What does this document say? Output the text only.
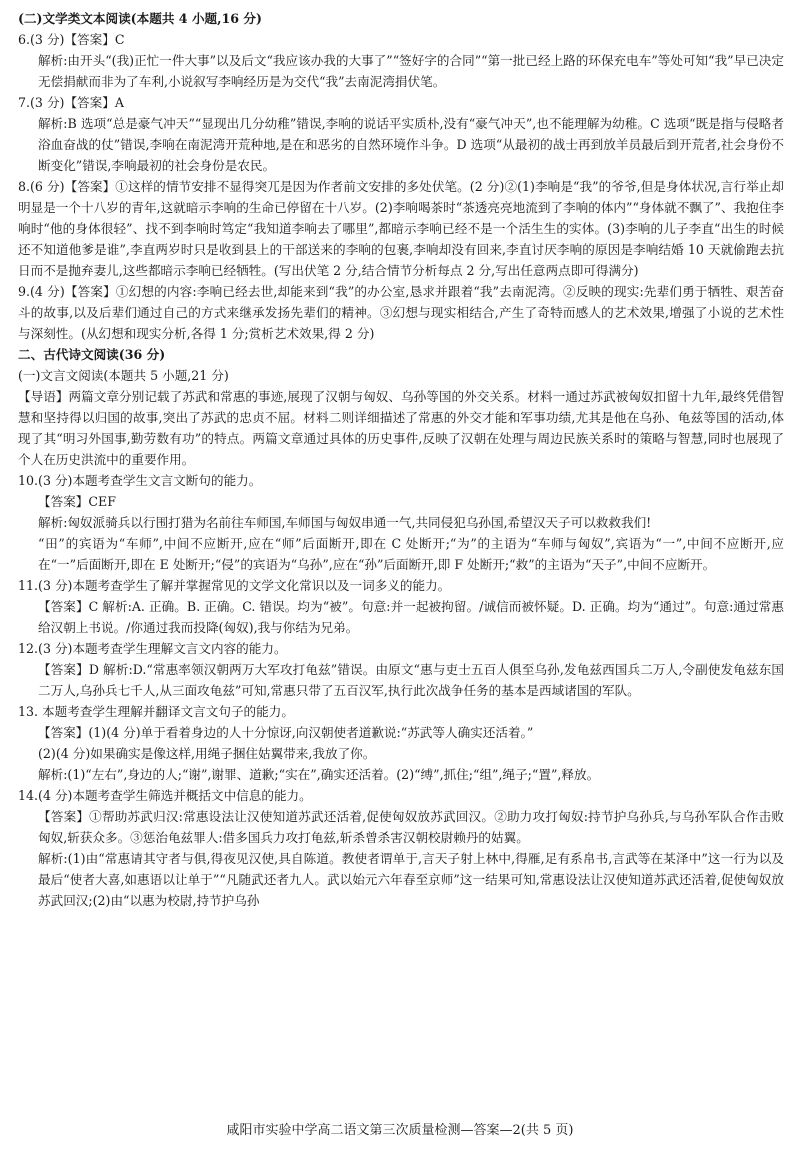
(二)文学类文本阅读(本题共 4 小题,16 分)

6.(3 分)【答案】C

解析:由开头“(我)正忙一件大事”以及后文“我应该办我的大事了”“签好字的合同”“第一批已经上路的环保充电车”等处可知“我”早已决定无偿捐献而非为了车利,小说叙写李响经历是为交代“我”去南泥湾捐伏笔。

7.(3 分)【答案】A

解析:B 选项“总是豪气冲天”“显现出几分幼稚”错误,李响的说话平实质朴,没有“豪气冲天”,也不能理解为幼稚。C 选项“既是指与侵略者浴血奋战的仗”错误,李响在南泥湾开荒种地,是在和恶劣的自然环境作斗争。D 选项“从最初的战士再到放羊员最后到开荒者,社会身份不断变化”错误,李响最初的社会身份是农民。

8.(6 分)【答案】①这样的情节安排不显得突兀是因为作者前文安排的多处伏笔。(2 分)②(1)李响是“我”的爷爷,但是身体状况,言行举止却明显是一个十八岁的青年,这就暗示李响的生命已停留在十八岁。(2)李响喝茶时“茶透亮亮地流到了李响的体内”“身体就不飘了”、我抱住李响时“他的身体很轻”、找不到李响时笃定“我知道李响去了哪里”,都暗示李响已经不是一个活生生的实体。(3)李响的儿子李直“出生的时候还不知道他爹是谁”,李直两岁时只是收到县上的干部送来的李响的包裹,李响却没有回来,李直讨厌李响的原因是李响结婚 10 天就偷跑去抗日而不是抛弃妻儿,这些都暗示李响已经牺牲。(写出伏笔 2 分,结合情节分析每点 2 分,写出任意两点即可得满分)

9.(4 分)【答案】①幻想的内容:李响已经去世,却能来到“我”的办公室,恳求并跟着“我”去南泥湾。②反映的现实:先辈们勇于牺牲、艰苦奋斗的故事,以及后辈们通过自己的方式来继承发扬先辈们的精神。③幻想与现实相结合,产生了奇特而感人的艺术效果,增强了小说的艺术性与深刻性。(从幻想和现实分析,各得 1 分;赏析艺术效果,得 2 分)

二、古代诗文阅读(36 分)

(一)文言文阅读(本题共 5 小题,21 分)

【导语】两篇文章分别记载了苏武和常惠的事迹,展现了汉朝与匈奴、乌孙等国的外交关系。材料一通过苏武被匈奴扣留十九年,最终凭借智慧和坚持得以归国的故事,突出了苏武的忠贞不屈。材料二则详细描述了常惠的外交才能和军事功绩,尤其是他在乌孙、龟兹等国的活动,体现了其“明习外国事,勤劳数有功”的特点。两篇文章通过具体的历史事件,反映了汉朝在处理与周边民族关系时的策略与智慧,同时也展现了个人在历史洪流中的重要作用。

10.(3 分)本题考查学生文言文断句的能力。

【答案】CEF

解析:匈奴派骑兵以行围打猎为名前往车师国,车师国与匈奴串通一气,共同侵犯乌孙国,希望汉天子可以救救我们!

“田”的宾语为“车师”,中间不应断开,应在“师”后面断开,即在 C 处断开;“为”的主语为“车师与匈奴”,宾语为“一”,中间不应断开,应在“一”后面断开,即在 E 处断开;“侵”的宾语为“乌孙”,应在“孙”后面断开,即 F 处断开;“救”的主语为“天子”,中间不应断开。

11.(3 分)本题考查学生了解并掌握常见的文学文化常识以及一词多义的能力。

【答案】C 解析:A. 正确。B. 正确。C. 错误。均为“被”。句意:并一起被拘留。/诚信而被怀疑。D. 正确。均为“通过”。句意:通过常惠给汉朝上书说。/你通过我而投降(匈奴),我与你结为兄弟。

12.(3 分)本题考查学生理解文言文内容的能力。

【答案】D 解析:D.“常惠率领汉朝两万大军攻打龟兹”错误。由原文“惠与吏士五百人俱至乌孙,发龟兹西国兵二万人,令副使发龟兹东国二万人,乌孙兵七千人,从三面攻龟兹”可知,常惠只带了五百汉军,执行此次战争任务的基本是西域诸国的军队。

13. 本题考查学生理解并翻译文言文句子的能力。

【答案】(1)(4 分)单于看着身边的人十分惊讶,向汉朝使者道歉说:“苏武等人确实还活着。”

(2)(4 分)如果确实是像这样,用绳子捆住姑翼带来,我放了你。

解析:(1)“左右”,身边的人;“谢”,谢罪、道歉;“实在”,确实还活着。(2)“缚”,抓住;“组”,绳子;“置”,释放。

14.(4 分)本题考查学生筛选并概括文中信息的能力。

【答案】①帮助苏武归汉:常惠设法让汉使知道苏武还活着,促使匈奴放苏武回汉。②助力攻打匈奴:持节护乌孙兵,与乌孙军队合作击败匈奴,斩获众多。③惩治龟兹罪人:借多国兵力攻打龟兹,斩杀曾杀害汉朝校尉赖丹的姑翼。

解析:(1)由“常惠请其守者与俱,得夜见汉使,具自陈道。教使者谓单于,言天子射上林中,得雁,足有系帛书,言武等在某泽中”这一行为以及最后“使者大喜,如惠语以让单于”“凡随武还者九人。武以始元六年春至京师”这一结果可知,常惠设法让汉使知道苏武还活着,促使匈奴放苏武回汉;(2)由“以惠为校尉,持节护乌孙

咸阳市实验中学高二语文第三次质量检测—答案—2(共 5 页)
